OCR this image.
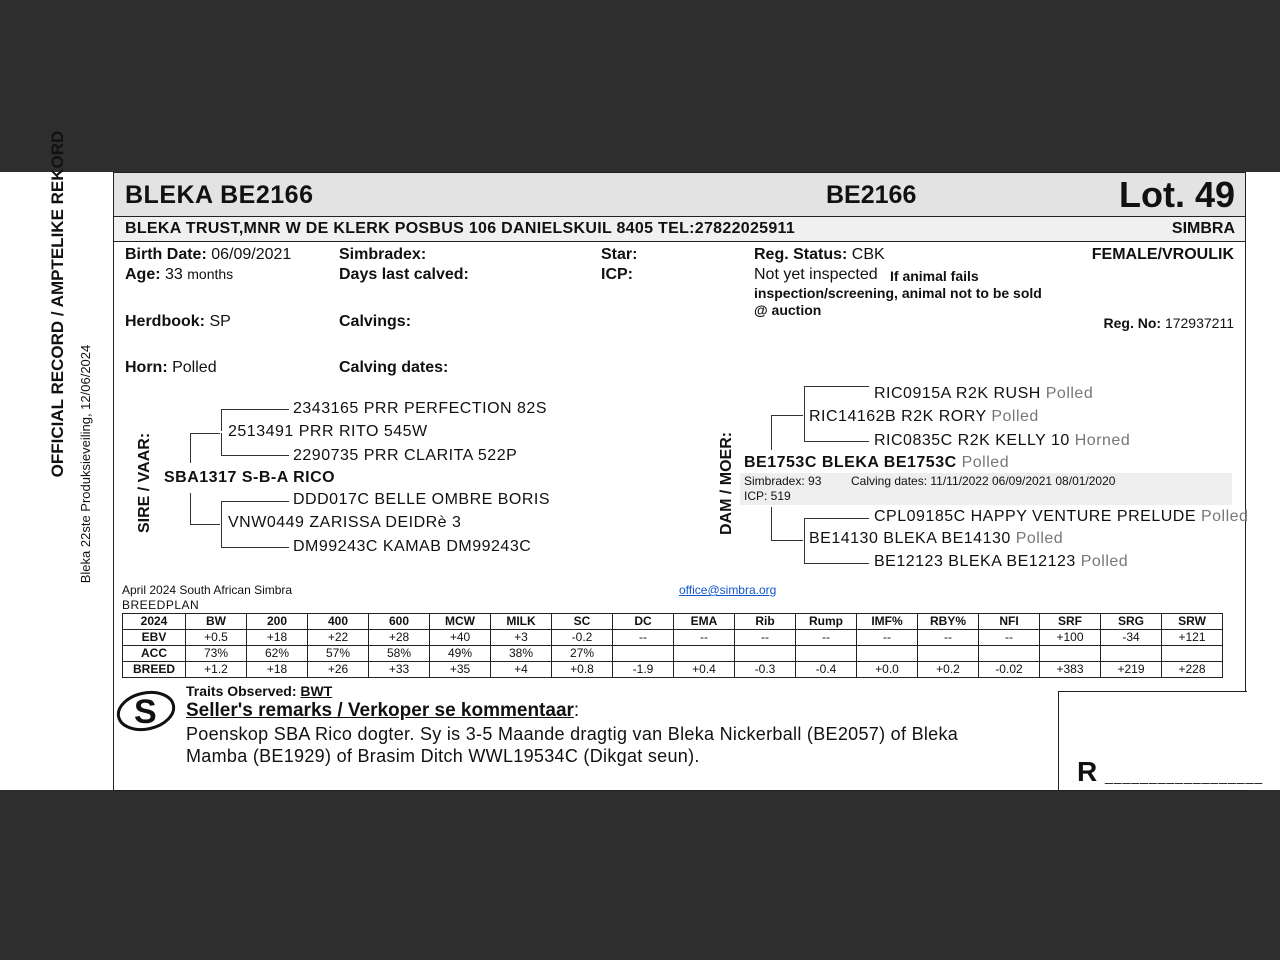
OFFICIAL RECORD / AMPTELIKE REKORD Bleka 22ste Produksieveiling, 12/06/2024
BLEKA BE2166	BE2166	Lot. 49
BLEKA TRUST,MNR W DE KLERK POSBUS 106 DANIELSKUIL 8405 TEL:27822025911	SIMBRA
Birth Date: 06/09/2021
Age: 33 months
Herdbook: SP
Horn: Polled
Simbradex:
Days last calved:
Calvings:
Calving dates:
Star:
ICP:
Reg. Status: CBK
Not yet inspected If animal fails inspection/screening, animal not to be sold @ auction
FEMALE/VROULIK
Reg. No: 172937211
SIRE / VAAR:
2343165 PRR PERFECTION 82S
2513491 PRR RITO 545W
2290735 PRR CLARITA 522P
SBA1317 S-B-A RICO
DDD017C BELLE OMBRE BORIS
VNW0449 ZARISSA DEIDRè 3
DM99243C KAMAB DM99243C
DAM / MOER:
RIC0915A R2K RUSH Polled
RIC14162B R2K RORY Polled
RIC0835C R2K KELLY 10 Horned
BE1753C BLEKA BE1753C Polled
Simbradex: 93 Calving dates: 11/11/2022 06/09/2021 08/01/2020
ICP: 519
CPL09185C HAPPY VENTURE PRELUDE Polled
BE14130 BLEKA BE14130 Polled
BE12123 BLEKA BE12123 Polled
April 2024 South African Simbra
BREEDPLAN
office@simbra.org
2024	BW	200	400	600	MCW	MILK	SC	DC	EMA	Rib	Rump	IMF%	RBY%	NFI	SRF	SRG	SRW
EBV	+0.5	+18	+22	+28	+40	+3	-0.2	--	--	--	--	--	--	--	+100	-34	+121
ACC	73%	62%	57%	58%	49%	38%	27%										
BREED	+1.2	+18	+26	+33	+35	+4	+0.8	-1.9	+0.4	-0.3	-0.4	+0.0	+0.2	-0.02	+383	+219	+228
S
Traits Observed: BWT
Seller's remarks / Verkoper se kommentaar:
Poenskop SBA Rico dogter. Sy is 3-5 Maande dragtig van Bleka Nickerball (BE2057) of Bleka
Mamba (BE1929) of Brasim Ditch WWL19534C (Dikgat seun).	R __________________
